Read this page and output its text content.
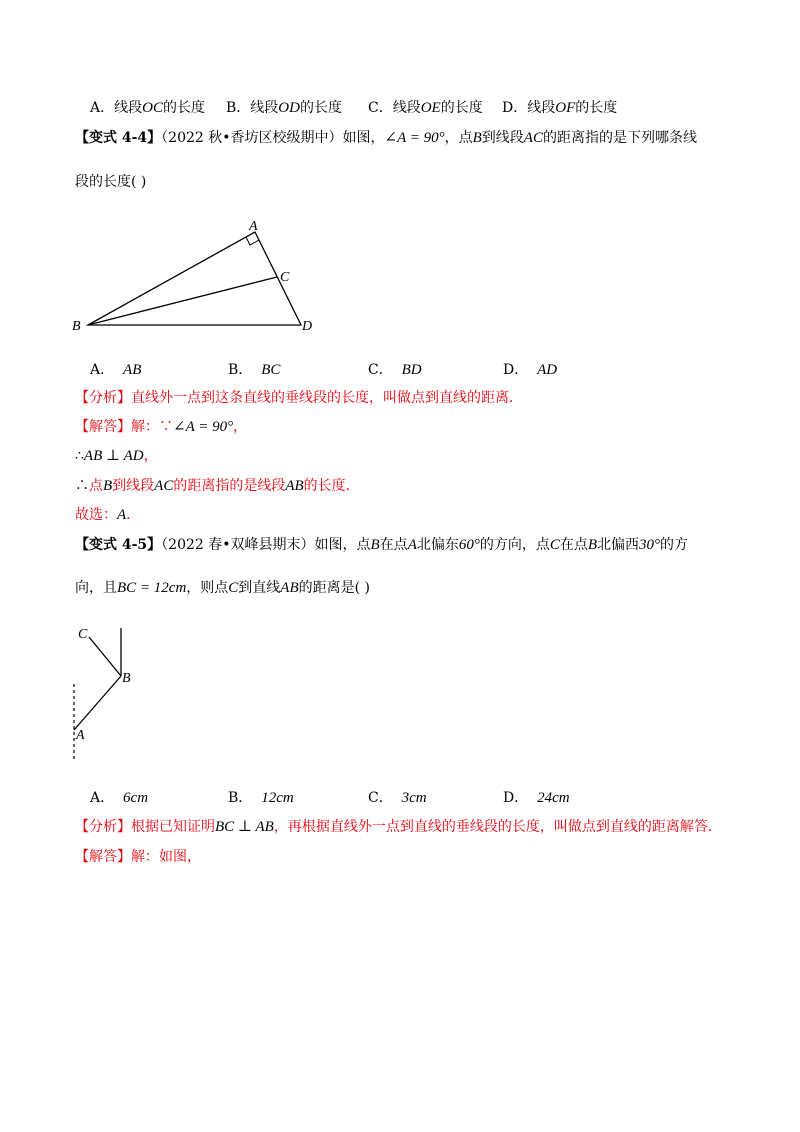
A．线段OC的长度 B．线段OD的长度 C．线段OE的长度 D．线段OF的长度
【变式 4-4】（2022 秋•香坊区校级期中）如图，∠A = 90°，点B到线段AC的距离指的是下列哪条线
段的长度( )
A
B
C
D
A． AB	B． BC	C． BD	D． AD
【分析】直线外一点到这条直线的垂线段的长度，叫做点到直线的距离．
【解答】解：∵∠A = 90°，
∴AB ⊥ AD，
∴点B到线段AC的距离指的是线段AB的长度．
故选：A．
【变式 4-5】（2022 春•双峰县期末）如图，点B在点A北偏东60°的方向，点C在点B北偏西30°的方
向，且BC = 12cm，则点C到直线AB的距离是( )
C
B
A
A． 6cm	B． 12cm	C． 3cm	D． 24cm
【分析】根据已知证明BC ⊥ AB，再根据直线外一点到直线的垂线段的长度，叫做点到直线的距离解答．
【解答】解：如图，
